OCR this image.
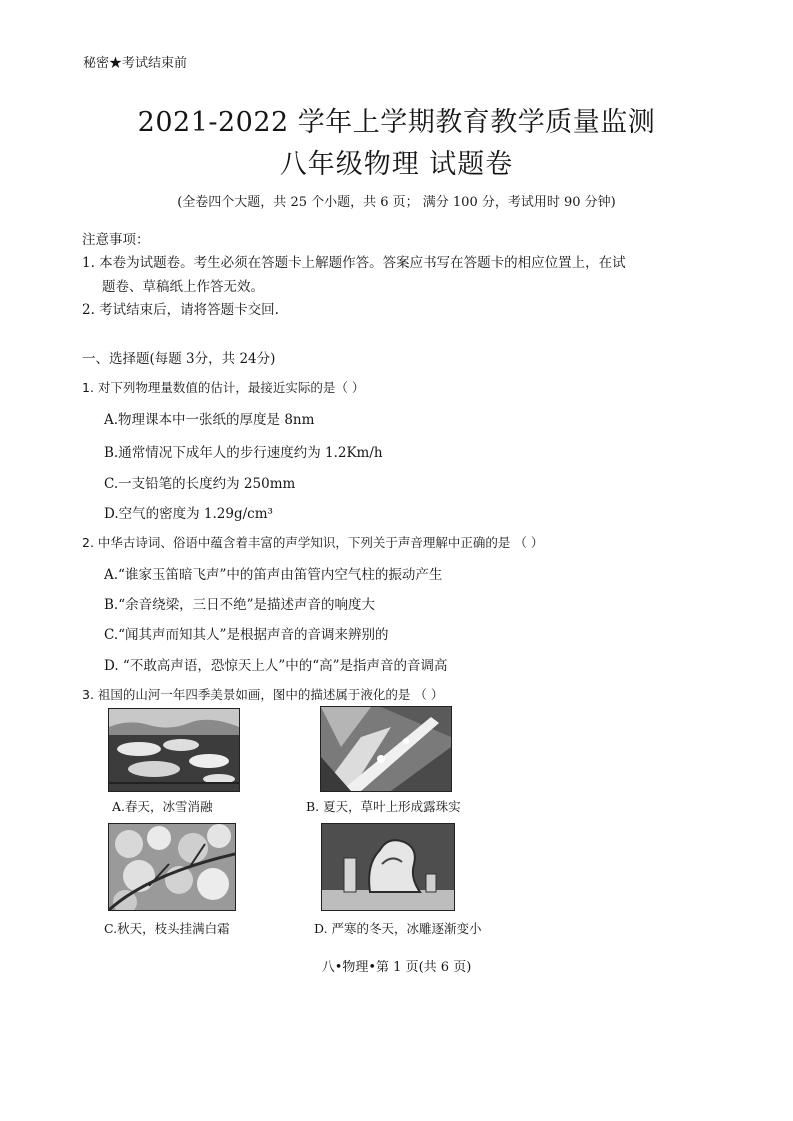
秘密★考试结束前
2021-2022 学年上学期教育教学质量监测
八年级物理 试题卷
(全卷四个大题，共 25 个小题，共 6 页； 满分 100 分，考试用时 90 分钟)
注意事项：
1. 本卷为试题卷。考生必须在答题卡上解题作答。答案应书写在答题卡的相应位置上，在试
题卷、草稿纸上作答无效。
2. 考试结束后，请将答题卡交回.
一、选择题(每题 3分，共 24分)
1. 对下列物理量数值的估计，最接近实际的是（ ）
A.物理课本中一张纸的厚度是 8nm
B.通常情况下成年人的步行速度约为 1.2Km/h
C.一支铅笔的长度约为 250mm
D.空气的密度为 1.29g/cm³
2. 中华古诗词、俗语中蕴含着丰富的声学知识，下列关于声音理解中正确的是 （ ）
A.“谁家玉笛暗飞声”中的笛声由笛管内空气柱的振动产生
B.“余音绕梁，三日不绝”是描述声音的响度大
C.“闻其声而知其人”是根据声音的音调来辨别的
D. “不敢高声语，恐惊天上人”中的“高”是指声音的音调高
3. 祖国的山河一年四季美景如画，图中的描述属于液化的是 （ ）
A.春天，冰雪消融	B. 夏天，草叶上形成露珠实
C.秋天，枝头挂满白霜	D. 严寒的冬天，冰雕逐渐变小
八•物理•第 1 页(共 6 页)
